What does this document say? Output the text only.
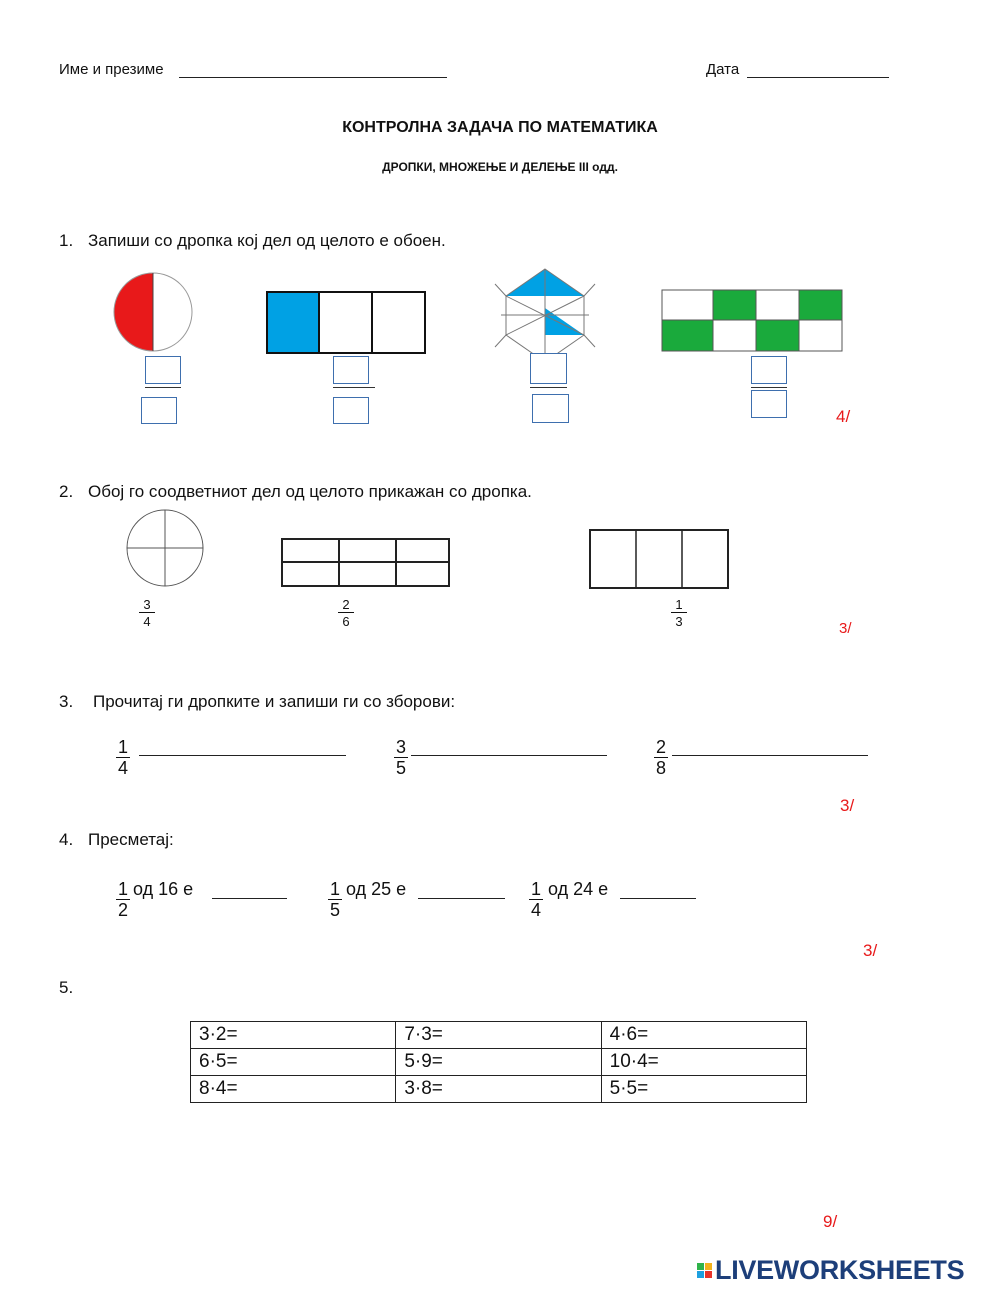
Име и презиме	Дата
КОНТРОЛНА ЗАДАЧА ПО МАТЕМАТИКА
ДРОПКИ, МНОЖЕЊЕ И ДЕЛЕЊЕ III одд.
1. Запиши со дропка кој дел од целото е обоен.
4/
2. Обој го соодветниот дел од целото прикажан со дропка.
$\frac{3}{4}$	$\frac{2}{6}$	$\frac{1}{3}$	3/
3. Прочитај ги дропките и запиши ги со зборови:
$\frac{1}{4}$	$\frac{3}{5}$	$\frac{2}{8}$
3/
4. Пресметај:
$\frac{1}{2}$ од 16 е	$\frac{1}{5}$ од 25 е	$\frac{1}{4}$ од 24 е
3/
5.
3·2=	7·3=	4·6=
6·5=	5·9=	10·4=
8·4=	3·8=	5·5=
9/
LIVEWORKSHEETS
